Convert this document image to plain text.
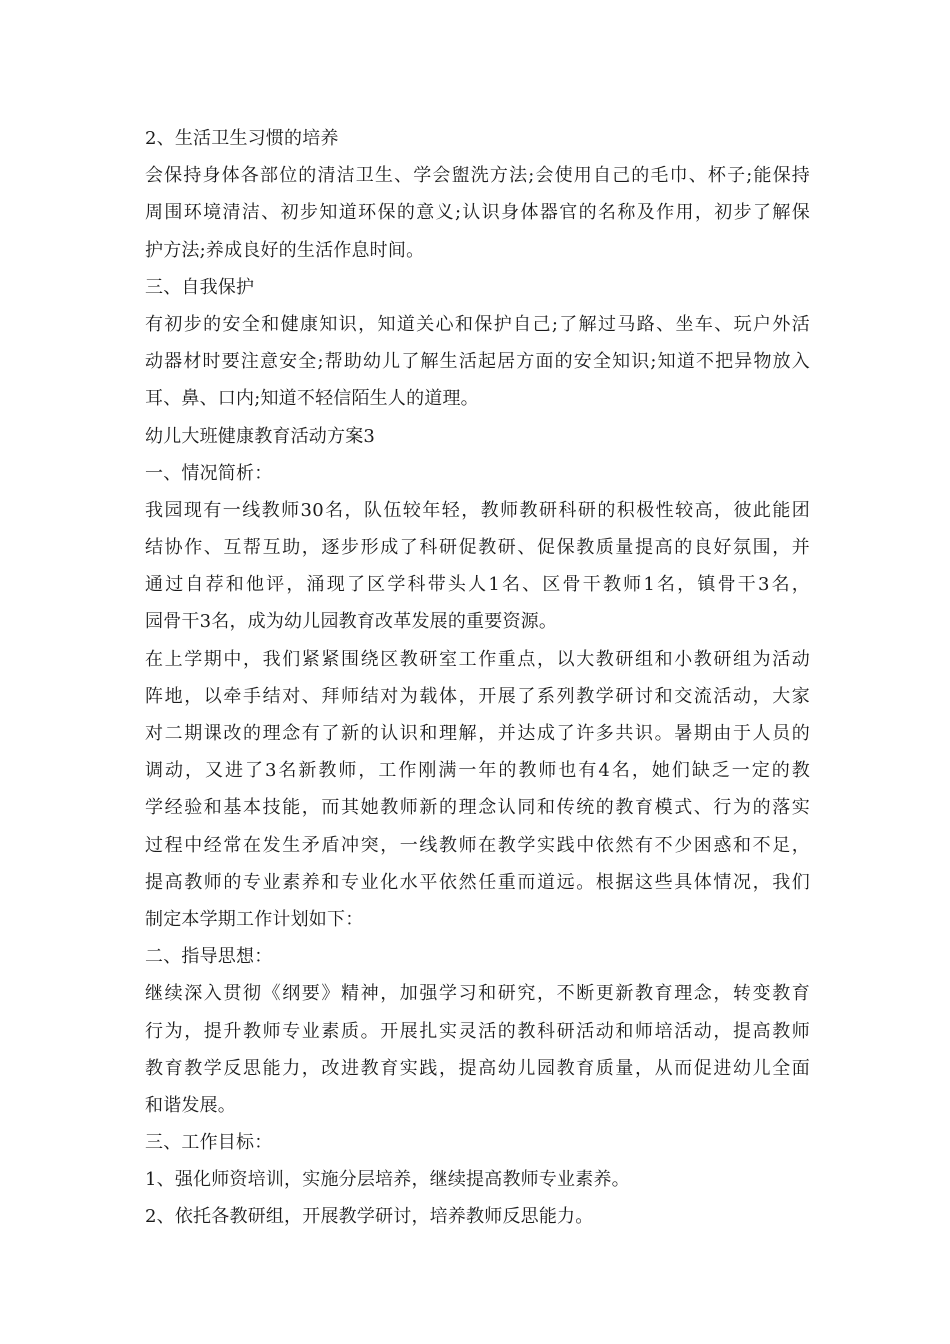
2、生活卫生习惯的培养
会保持身体各部位的清洁卫生、学会盥洗方法;会使用自己的毛巾、杯子;能保持
周围环境清洁、初步知道环保的意义;认识身体器官的名称及作用，初步了解保
护方法;养成良好的生活作息时间。
三、自我保护
有初步的安全和健康知识，知道关心和保护自己;了解过马路、坐车、玩户外活
动器材时要注意安全;帮助幼儿了解生活起居方面的安全知识;知道不把异物放入
耳、鼻、口内;知道不轻信陌生人的道理。
幼儿大班健康教育活动方案3
一、情况简析：
我园现有一线教师30名，队伍较年轻，教师教研科研的积极性较高，彼此能团
结协作、互帮互助，逐步形成了科研促教研、促保教质量提高的良好氛围，并
通过自荐和他评，涌现了区学科带头人1名、区骨干教师1名，镇骨干3名，
园骨干3名，成为幼儿园教育改革发展的重要资源。
在上学期中，我们紧紧围绕区教研室工作重点，以大教研组和小教研组为活动
阵地，以牵手结对、拜师结对为载体，开展了系列教学研讨和交流活动，大家
对二期课改的理念有了新的认识和理解，并达成了许多共识。暑期由于人员的
调动，又进了3名新教师，工作刚满一年的教师也有4名，她们缺乏一定的教
学经验和基本技能，而其她教师新的理念认同和传统的教育模式、行为的落实
过程中经常在发生矛盾冲突，一线教师在教学实践中依然有不少困惑和不足，
提高教师的专业素养和专业化水平依然任重而道远。根据这些具体情况，我们
制定本学期工作计划如下：
二、指导思想：
继续深入贯彻《纲要》精神，加强学习和研究，不断更新教育理念，转变教育
行为，提升教师专业素质。开展扎实灵活的教科研活动和师培活动，提高教师
教育教学反思能力，改进教育实践，提高幼儿园教育质量，从而促进幼儿全面
和谐发展。
三、工作目标：
1、强化师资培训，实施分层培养，继续提高教师专业素养。
2、依托各教研组，开展教学研讨，培养教师反思能力。
